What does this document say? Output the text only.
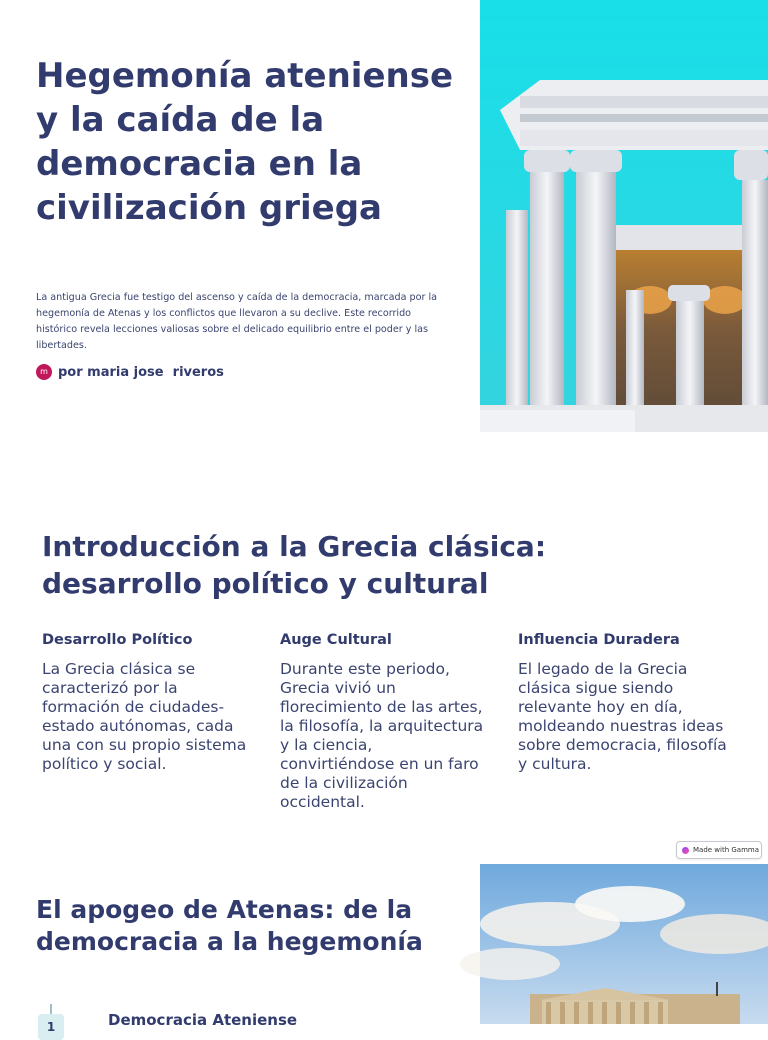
Hegemonía ateniense y la caída de la democracia en la civilización griega

La antigua Grecia fue testigo del ascenso y caída de la democracia, marcada por la hegemonía de Atenas y los conflictos que llevaron a su declive. Este recorrido histórico revela lecciones valiosas sobre el delicado equilibrio entre el poder y las libertades.

m por maria jose  riveros
Introducción a la Grecia clásica: desarrollo político y cultural
Desarrollo Político

La Grecia clásica se caracterizó por la formación de ciudades-estado autónomas, cada una con su propio sistema político y social.

Auge Cultural

Durante este periodo, Grecia vivió un florecimiento de las artes, la filosofía, la arquitectura y la ciencia, convirtiéndose en un faro de la civilización occidental.

Influencia Duradera

El legado de la Grecia clásica sigue siendo relevante hoy en día, moldeando nuestras ideas sobre democracia, filosofía y cultura.

Made with Gamma
El apogeo de Atenas: de la democracia a la hegemonía
1	Democracia Ateniense
